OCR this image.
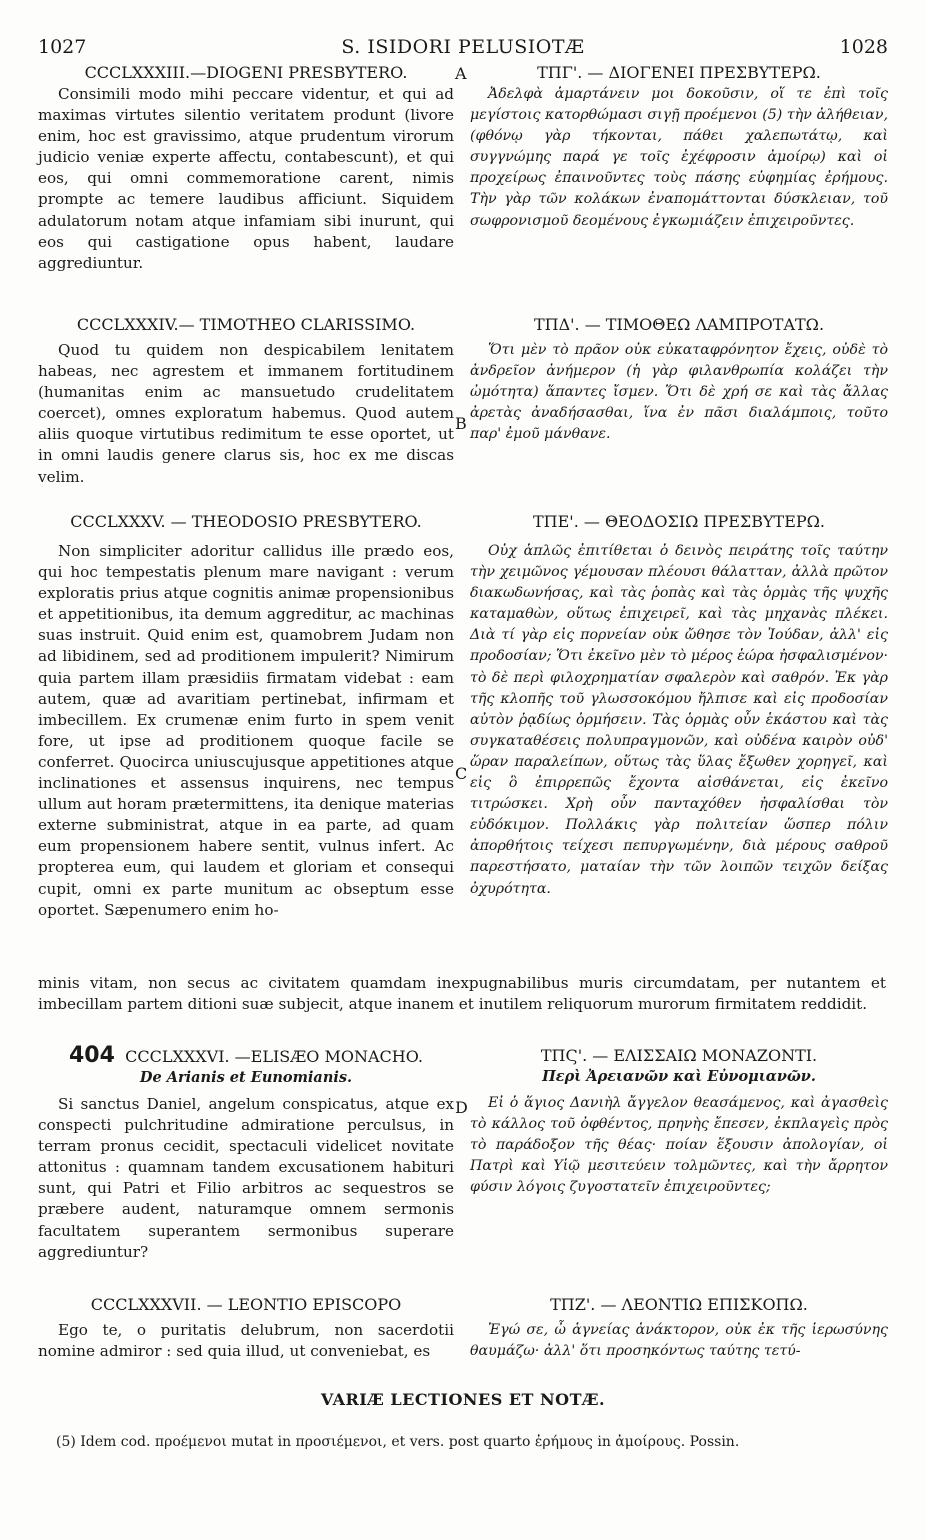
1027	S. ISIDORI PELUSIOTÆ	1028
A
B
C
D
CCCLXXXIII.—DIOGENI PRESBYTERO.
Consimili modo mihi peccare videntur, et qui ad maximas virtutes silentio veritatem produnt (livore enim, hoc est gravissimo, atque prudentum virorum judicio veniæ experte affectu, contabescunt), et qui eos, qui omni commemoratione carent, nimis prompte ac temere laudibus afficiunt. Siquidem adulatorum notam atque infamiam sibi inurunt, qui eos qui castigatione opus habent, laudare aggrediuntur.
CCCLXXXIV.— TIMOTHEO CLARISSIMO.
Quod tu quidem non despicabilem lenitatem habeas, nec agrestem et immanem fortitudinem (humanitas enim ac mansuetudo crudelitatem coercet), omnes exploratum habemus. Quod autem aliis quoque virtutibus redimitum te esse oportet, ut in omni laudis genere clarus sis, hoc ex me discas velim.
CCCLXXXV. — THEODOSIO PRESBYTERO.
Non simpliciter adoritur callidus ille prædo eos, qui hoc tempestatis plenum mare navigant : verum exploratis prius atque cognitis animæ propensionibus et appetitionibus, ita demum aggreditur, ac machinas suas instruit. Quid enim est, quamobrem Judam non ad libidinem, sed ad proditionem impulerit? Nimirum quia partem illam præsidiis firmatam videbat : eam autem, quæ ad avaritiam pertinebat, infirmam et imbecillem. Ex crumenæ enim furto in spem venit fore, ut ipse ad proditionem quoque facile se conferret. Quocirca uniuscujusque appetitiones atque inclinationes et assensus inquirens, nec tempus ullum aut horam prætermittens, ita denique materias externe subministrat, atque in ea parte, ad quam eum propensionem habere sentit, vulnus infert. Ac propterea eum, qui laudem et gloriam et consequi cupit, omni ex parte munitum ac obseptum esse oportet. Sæpenumero enim ho-
minis vitam, non secus ac civitatem quamdam inexpugnabilibus muris circumdatam, per nutantem et imbecillam partem ditioni suæ subjecit, atque inanem et inutilem reliquorum murorum firmitatem reddidit.
404 CCCLXXXVI. —ELISÆO MONACHO.
De Arianis et Eunomianis.
Si sanctus Daniel, angelum conspicatus, atque ex conspecti pulchritudine admiratione perculsus, in terram pronus cecidit, spectaculi videlicet novitate attonitus : quamnam tandem excusationem habituri sunt, qui Patri et Filio arbitros ac sequestros se præbere audent, naturamque omnem sermonis facultatem superantem sermonibus superare aggrediuntur?
CCCLXXXVII. — LEONTIO EPISCOPO
Ego te, o puritatis delubrum, non sacerdotii nomine admiror : sed quia illud, ut conveniebat, es
ΤΠΓ'. — ΔΙΟΓΕΝΕΙ ΠΡΕΣΒΥΤΕΡΩ.
Ἀδελφὰ ἁμαρτάνειν μοι δοκοῦσιν, οἵ τε ἐπὶ τοῖς μεγίστοις κατορθώμασι σιγῇ προέμενοι (5) τὴν ἀλήθειαν, (φθόνῳ γὰρ τήκονται, πάθει χαλεπωτάτῳ, καὶ συγγνώμης παρά γε τοῖς ἐχέφροσιν ἀμοίρῳ) καὶ οἱ προχείρως ἐπαινοῦντες τοὺς πάσης εὐφημίας ἐρήμους. Τὴν γὰρ τῶν κολάκων ἐναπομάττονται δύσκλειαν, τοῦ σωφρονισμοῦ δεομένους ἐγκωμιάζειν ἐπιχειροῦντες.
ΤΠΔ'. — ΤΙΜΟΘΕΩ ΛΑΜΠΡΟΤΑΤΩ.
Ὅτι μὲν τὸ πρᾶον οὐκ εὐκαταφρόνητον ἔχεις, οὐδὲ τὸ ἀνδρεῖον ἀνήμερον (ἡ γὰρ φιλανθρωπία κολάζει τὴν ὠμότητα) ἅπαντες ἴσμεν. Ὅτι δὲ χρή σε καὶ τὰς ἄλλας ἀρετὰς ἀναδήσασθαι, ἵνα ἐν πᾶσι διαλάμποις, τοῦτο παρ' ἐμοῦ μάνθανε.
ΤΠΕ'. — ΘΕΟΔΟΣΙΩ ΠΡΕΣΒΥΤΕΡΩ.
Οὐχ ἁπλῶς ἐπιτίθεται ὁ δεινὸς πειράτης τοῖς ταύτην τὴν χειμῶνος γέμουσαν πλέουσι θάλατταν, ἀλλὰ πρῶτον διακωδωνήσας, καὶ τὰς ῥοπὰς καὶ τὰς ὁρμὰς τῆς ψυχῆς καταμαθὼν, οὕτως ἐπιχειρεῖ, καὶ τὰς μηχανὰς πλέκει. Διὰ τί γὰρ εἰς πορνείαν οὐκ ὤθησε τὸν Ἰούδαν, ἀλλ' εἰς προδοσίαν; Ὅτι ἐκεῖνο μὲν τὸ μέρος ἑώρα ἠσφαλισμένον· τὸ δὲ περὶ φιλοχρηματίαν σφαλερὸν καὶ σαθρόν. Ἐκ γὰρ τῆς κλοπῆς τοῦ γλωσσοκόμου ἤλπισε καὶ εἰς προδοσίαν αὐτὸν ῥᾳδίως ὁρμήσειν. Τὰς ὁρμὰς οὖν ἑκάστου καὶ τὰς συγκαταθέσεις πολυπραγμονῶν, καὶ οὐδένα καιρὸν οὐδ' ὥραν παραλείπων, οὕτως τὰς ὕλας ἔξωθεν χορηγεῖ, καὶ εἰς ὃ ἐπιρρεπῶς ἔχοντα αἰσθάνεται, εἰς ἐκεῖνο τιτρώσκει. Χρὴ οὖν πανταχόθεν ἠσφαλίσθαι τὸν εὐδόκιμον. Πολλάκις γὰρ πολιτείαν ὥσπερ πόλιν ἀπορθήτοις τείχεσι πεπυργωμένην, διὰ μέρους σαθροῦ παρεστήσατο, ματαίαν τὴν τῶν λοιπῶν τειχῶν δείξας ὀχυρότητα.
ΤΠϚ'. — ΕΛΙΣΣΑΙΩ ΜΟΝΑΖΟΝΤΙ.
Περὶ Ἀρειανῶν καὶ Εὐνομιανῶν.
Εἰ ὁ ἅγιος Δανιὴλ ἄγγελον θεασάμενος, καὶ ἀγασθεὶς τὸ κάλλος τοῦ ὀφθέντος, πρηνὴς ἔπεσεν, ἐκπλαγεὶς πρὸς τὸ παράδοξον τῆς θέας· ποίαν ἕξουσιν ἀπολογίαν, οἱ Πατρὶ καὶ Υἱῷ μεσιτεύειν τολμῶντες, καὶ τὴν ἄρρητον φύσιν λόγοις ζυγοστατεῖν ἐπιχειροῦντες;
ΤΠΖ'. — ΛΕΟΝΤΙΩ ΕΠΙΣΚΟΠΩ.
Ἐγώ σε, ὦ ἁγνείας ἀνάκτορον, οὐκ ἐκ τῆς ἱερωσύνης θαυμάζω· ἀλλ' ὅτι προσηκόντως ταύτης τετύ-
VARIÆ LECTIONES ET NOTÆ.
(5) Idem cod. προέμενοι mutat in προσιέμενοι, et vers. post quarto ἐρήμους in ἀμοίρους. Possin.
